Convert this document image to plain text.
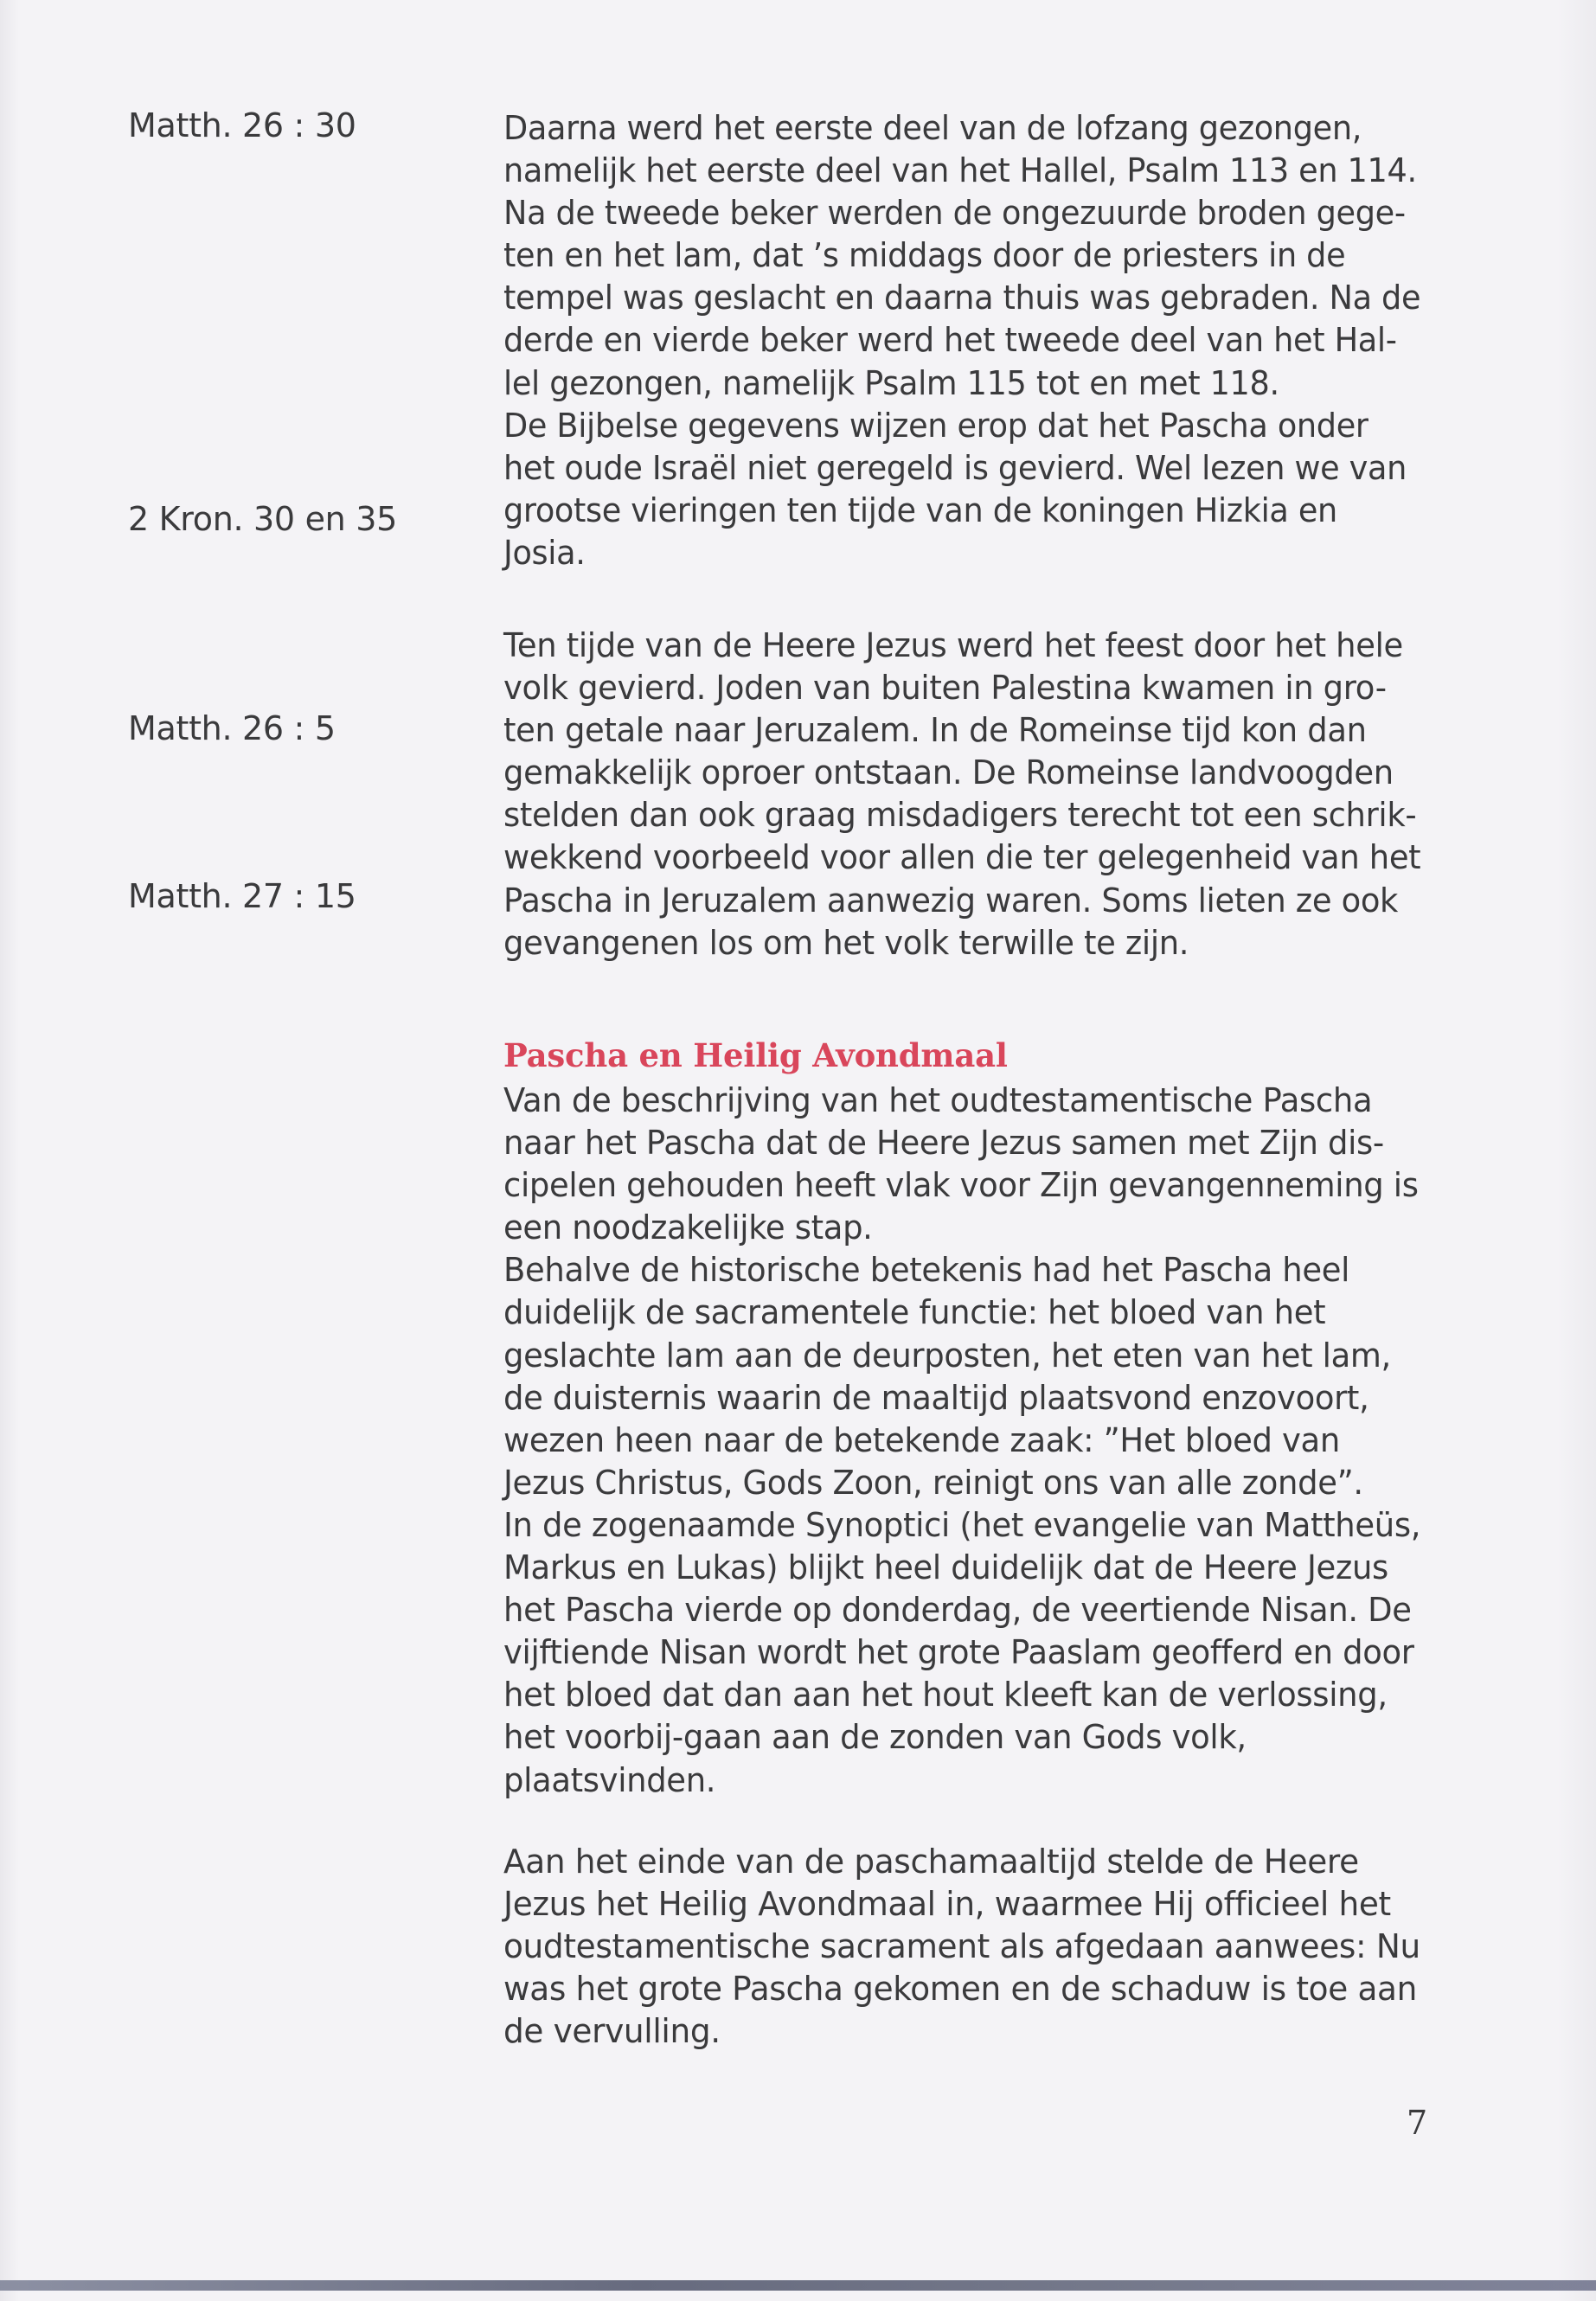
Matth. 26 : 30
2 Kron. 30 en 35
Matth. 26 : 5
Matth. 27 : 15

Daarna werd het eerste deel van de lofzang gezongen,
namelijk het eerste deel van het Hallel, Psalm 113 en 114.
Na de tweede beker werden de ongezuurde broden gege-
ten en het lam, dat ’s middags door de priesters in de
tempel was geslacht en daarna thuis was gebraden. Na de
derde en vierde beker werd het tweede deel van het Hal-
lel gezongen, namelijk Psalm 115 tot en met 118.
De Bijbelse gegevens wijzen erop dat het Pascha onder
het oude Israël niet geregeld is gevierd. Wel lezen we van
grootse vieringen ten tijde van de koningen Hizkia en
Josia.

Ten tijde van de Heere Jezus werd het feest door het hele
volk gevierd. Joden van buiten Palestina kwamen in gro-
ten getale naar Jeruzalem. In de Romeinse tijd kon dan
gemakkelijk oproer ontstaan. De Romeinse landvoogden
stelden dan ook graag misdadigers terecht tot een schrik-
wekkend voorbeeld voor allen die ter gelegenheid van het
Pascha in Jeruzalem aanwezig waren. Soms lieten ze ook
gevangenen los om het volk terwille te zijn.

Pascha en Heilig Avondmaal

Van de beschrijving van het oudtestamentische Pascha
naar het Pascha dat de Heere Jezus samen met Zijn dis-
cipelen gehouden heeft vlak voor Zijn gevangenneming is
een noodzakelijke stap.
Behalve de historische betekenis had het Pascha heel
duidelijk de sacramentele functie: het bloed van het
geslachte lam aan de deurposten, het eten van het lam,
de duisternis waarin de maaltijd plaatsvond enzovoort,
wezen heen naar de betekende zaak: ”Het bloed van
Jezus Christus, Gods Zoon, reinigt ons van alle zonde”.
In de zogenaamde Synoptici (het evangelie van Mattheüs,
Markus en Lukas) blijkt heel duidelijk dat de Heere Jezus
het Pascha vierde op donderdag, de veertiende Nisan. De
vijftiende Nisan wordt het grote Paaslam geofferd en door
het bloed dat dan aan het hout kleeft kan de verlossing,
het voorbij-gaan aan de zonden van Gods volk,
plaatsvinden.

Aan het einde van de paschamaaltijd stelde de Heere
Jezus het Heilig Avondmaal in, waarmee Hij officieel het
oudtestamentische sacrament als afgedaan aanwees: Nu
was het grote Pascha gekomen en de schaduw is toe aan
de vervulling.

7
